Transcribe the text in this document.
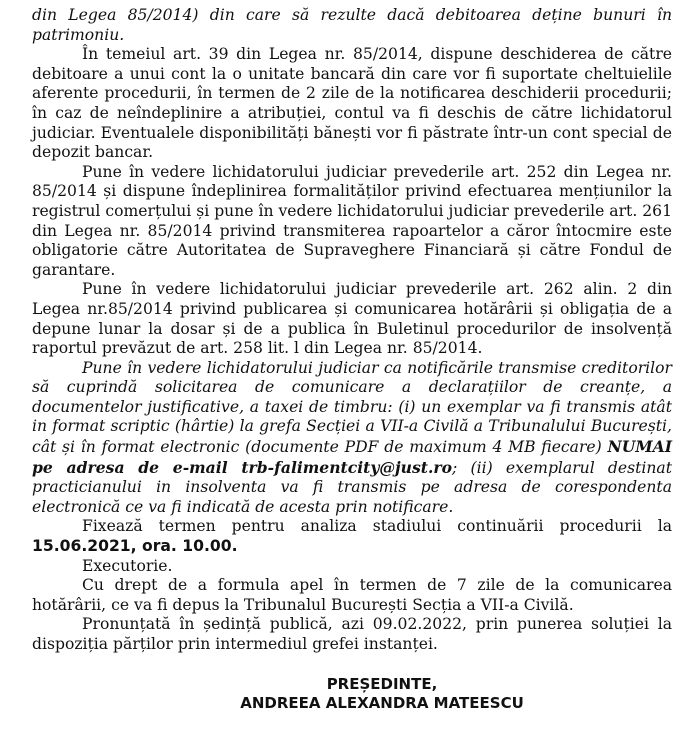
din Legea 85/2014) din care să rezulte dacă debitoarea deține bunuri în patrimoniu.

În temeiul art. 39 din Legea nr. 85/2014, dispune deschiderea de către debitoare a unui cont la o unitate bancară din care vor fi suportate cheltuielile aferente procedurii, în termen de 2 zile de la notificarea deschiderii procedurii; în caz de neîndeplinire a atribuției, contul va fi deschis de către lichidatorul judiciar. Eventualele disponibilități bănești vor fi păstrate într-un cont special de depozit bancar.

Pune în vedere lichidatorului judiciar prevederile art. 252 din Legea nr. 85/2014 și dispune îndeplinirea formalităților privind efectuarea mențiunilor la registrul comerțului și pune în vedere lichidatorului judiciar prevederile art. 261 din Legea nr. 85/2014 privind transmiterea rapoartelor a căror întocmire este obligatorie către Autoritatea de Supraveghere Financiară și către Fondul de garantare.

Pune în vedere lichidatorului judiciar prevederile art. 262 alin. 2 din Legea nr.85/2014 privind publicarea și comunicarea hotărârii și obligația de a depune lunar la dosar și de a publica în Buletinul procedurilor de insolvență raportul prevăzut de art. 258 lit. l din Legea nr. 85/2014.

Pune în vedere lichidatorului judiciar ca notificările transmise creditorilor să cuprindă solicitarea de comunicare a declarațiilor de creanțe, a documentelor justificative, a taxei de timbru: (i) un exemplar va fi transmis atât in format scriptic (hârtie) la grefa Secției a VII-a Civilă a Tribunalului București, cât și în format electronic (documente PDF de maximum 4 MB fiecare) NUMAI pe adresa de e-mail trb-falimentcity@just.ro; (ii) exemplarul destinat practicianului in insolventa va fi transmis pe adresa de corespondenta electronică ce va fi indicată de acesta prin notificare.

Fixează termen pentru analiza stadiului continuării procedurii la 15.06.2021, ora. 10.00.

Executorie.

Cu drept de a formula apel în termen de 7 zile de la comunicarea hotărârii, ce va fi depus la Tribunalul București Secția a VII-a Civilă.

Pronunțată în ședință publică, azi 09.02.2022, prin punerea soluției la dispoziția părților prin intermediul grefei instanței.

PREȘEDINTE,
ANDREEA ALEXANDRA MATEESCU
